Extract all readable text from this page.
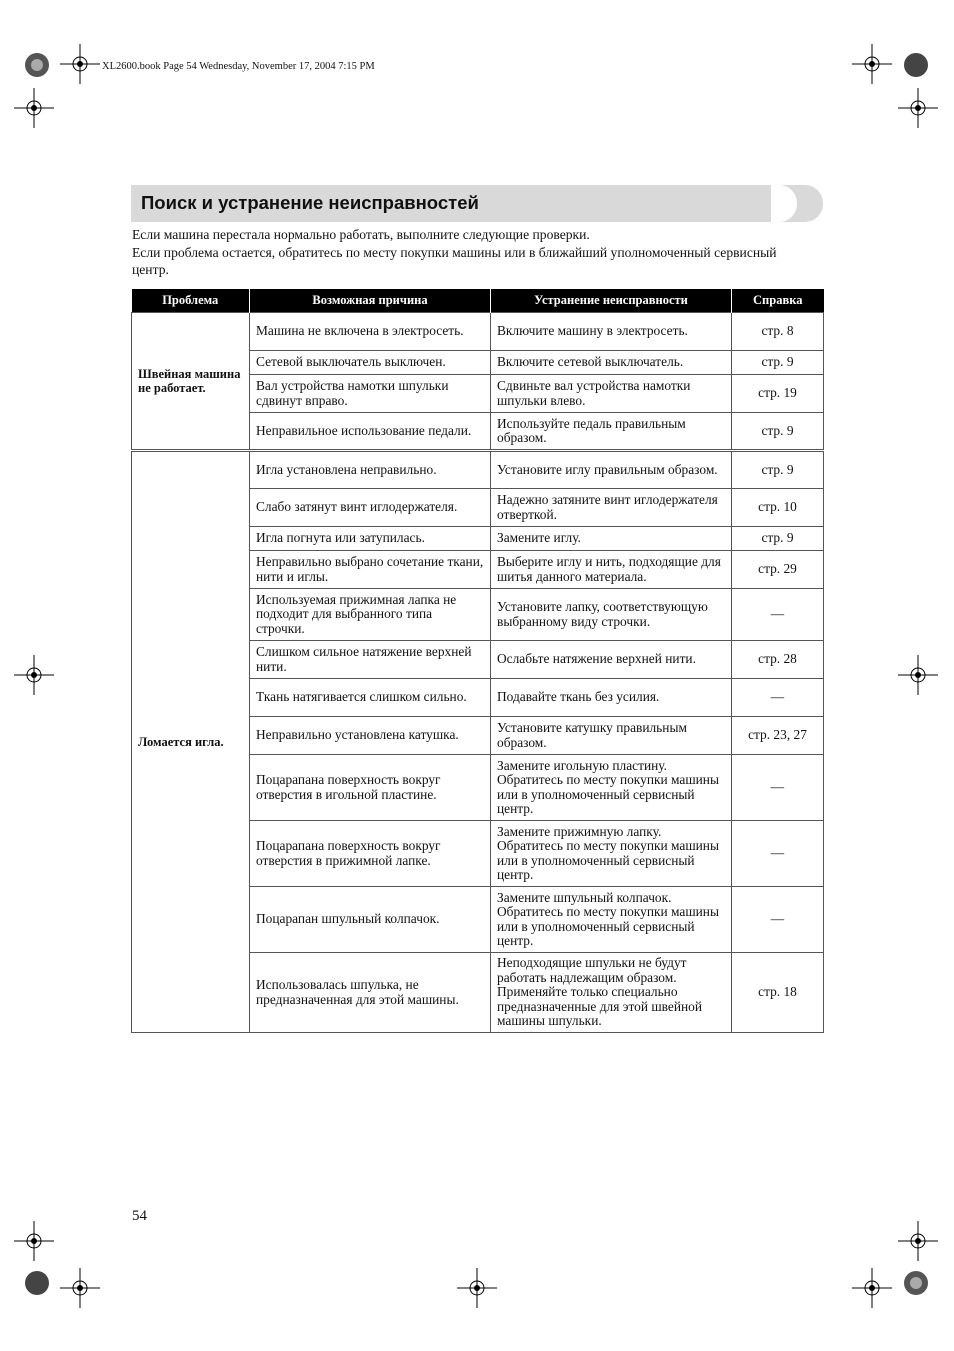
XL2600.book Page 54 Wednesday, November 17, 2004 7:15 PM
Поиск и устранение неисправностей

Если машина перестала нормально работать, выполните следующие проверки.

Если проблема остается, обратитесь по месту покупки машины или в ближайший уполномоченный сервисный центр.

Проблема	Возможная причина	Устранение неисправности	Справка
Швейная машина не работает.	Машина не включена в электросеть.	Включите машину в электросеть.	стр. 8
	Сетевой выключатель выключен.	Включите сетевой выключатель.	стр. 9
	Вал устройства намотки шпульки сдвинут вправо.	Сдвиньте вал устройства намотки шпульки влево.	стр. 19
	Неправильное использование педали.	Используйте педаль правильным образом.	стр. 9
Ломается игла.	Игла установлена неправильно.	Установите иглу правильным образом.	стр. 9
	Слабо затянут винт иглодержателя.	Надежно затяните винт иглодержателя отверткой.	стр. 10
	Игла погнута или затупилась.	Замените иглу.	стр. 9
	Неправильно выбрано сочетание ткани, нити и иглы.	Выберите иглу и нить, подходящие для шитья данного материала.	стр. 29
	Используемая прижимная лапка не подходит для выбранного типа строчки.	Установите лапку, соответствующую выбранному виду строчки.	—
	Слишком сильное натяжение верхней нити.	Ослабьте натяжение верхней нити.	стр. 28
	Ткань натягивается слишком сильно.	Подавайте ткань без усилия.	—
	Неправильно установлена катушка.	Установите катушку правильным образом.	стр. 23, 27
	Поцарапана поверхность вокруг отверстия в игольной пластине.	Замените игольную пластину. Обратитесь по месту покупки машины или в уполномоченный сервисный центр.	—
	Поцарапана поверхность вокруг отверстия в прижимной лапке.	Замените прижимную лапку. Обратитесь по месту покупки машины или в уполномоченный сервисный центр.	—
	Поцарапан шпульный колпачок.	Замените шпульный колпачок. Обратитесь по месту покупки машины или в уполномоченный сервисный центр.	—
	Использовалась шпулька, не предназначенная для этой машины.	Неподходящие шпульки не будут работать надлежащим образом. Применяйте только специально предназначенные для этой швейной машины шпульки.	стр. 18
54
